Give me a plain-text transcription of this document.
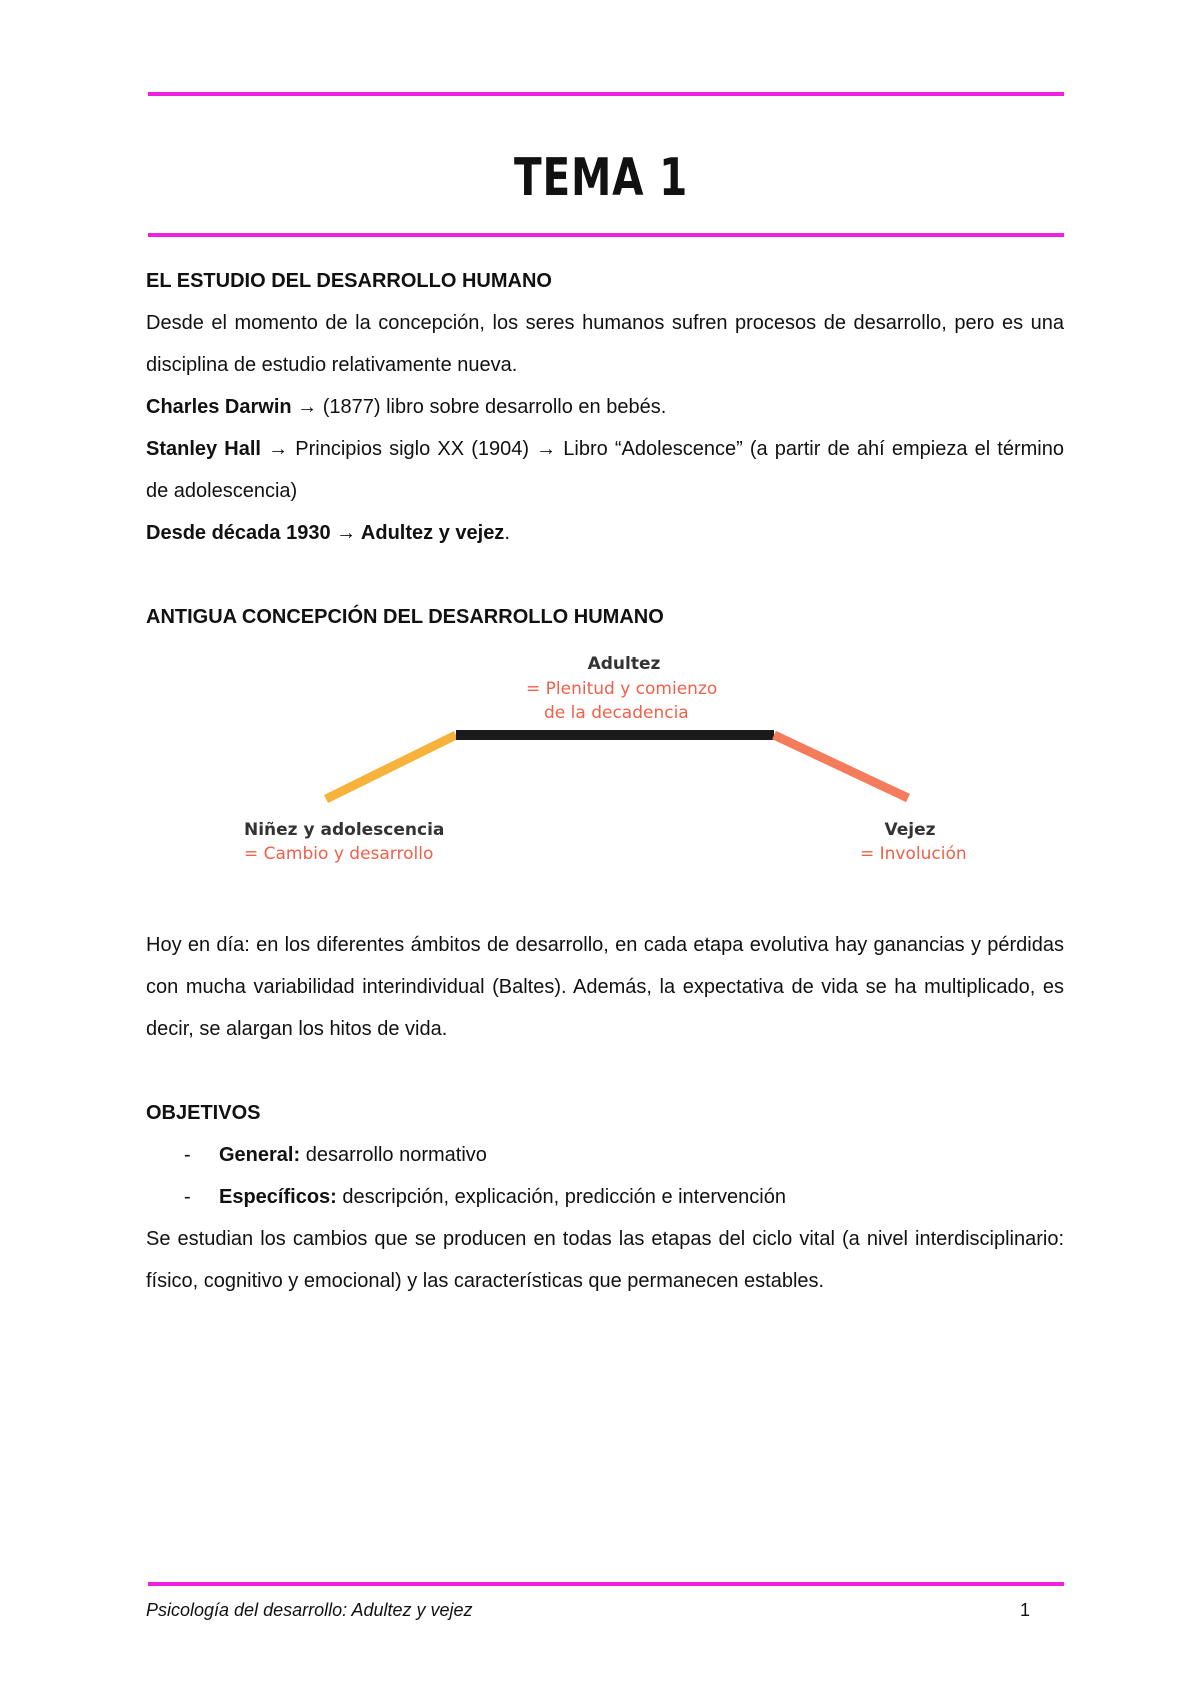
TEMA 1

EL ESTUDIO DEL DESARROLLO HUMANO

Desde el momento de la concepción, los seres humanos sufren procesos de desarrollo, pero es una disciplina de estudio relativamente nueva.

Charles Darwin → (1877) libro sobre desarrollo en bebés.

Stanley Hall → Principios siglo XX (1904) → Libro “Adolescence” (a partir de ahí empieza el término de adolescencia)

Desde década 1930 → Adultez y vejez.

ANTIGUA CONCEPCIÓN DEL DESARROLLO HUMANO

Adultez
= Plenitud y comienzo
de la decadencia
Niñez y adolescencia
= Cambio y desarrollo
Vejez
= Involución

Hoy en día: en los diferentes ámbitos de desarrollo, en cada etapa evolutiva hay ganancias y pérdidas con mucha variabilidad interindividual (Baltes). Además, la expectativa de vida se ha multiplicado, es decir, se alargan los hitos de vida.

OBJETIVOS

- General: desarrollo normativo
- Específicos: descripción, explicación, predicción e intervención

Se estudian los cambios que se producen en todas las etapas del ciclo vital (a nivel interdisciplinario: físico, cognitivo y emocional) y las características que permanecen estables.

Psicología del desarrollo: Adultez y vejez	1
